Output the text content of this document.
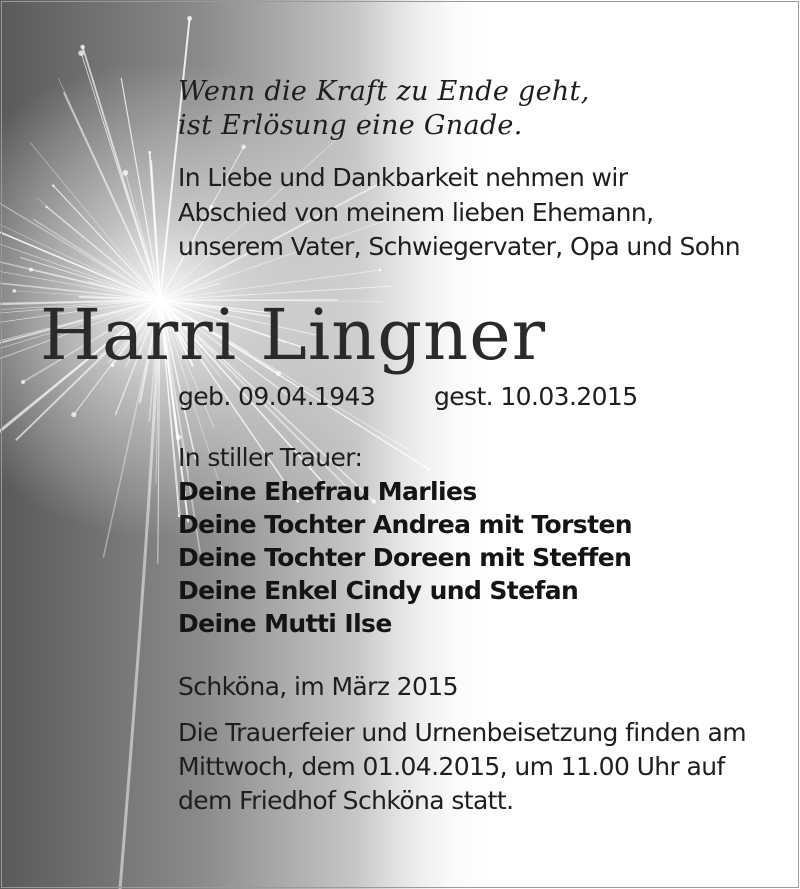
Wenn die Kraft zu Ende geht,
ist Erlösung eine Gnade.
In Liebe und Dankbarkeit nehmen wir
Abschied von meinem lieben Ehemann,
unserem Vater, Schwiegervater, Opa und Sohn
Harri Lingner
geb. 09.04.1943 gest. 10.03.2015
In stiller Trauer:
Deine Ehefrau Marlies
Deine Tochter Andrea mit Torsten
Deine Tochter Doreen mit Steffen
Deine Enkel Cindy und Stefan
Deine Mutti Ilse
Schköna, im März 2015
Die Trauerfeier und Urnenbeisetzung finden am
Mittwoch, dem 01.04.2015, um 11.00 Uhr auf
dem Friedhof Schköna statt.
